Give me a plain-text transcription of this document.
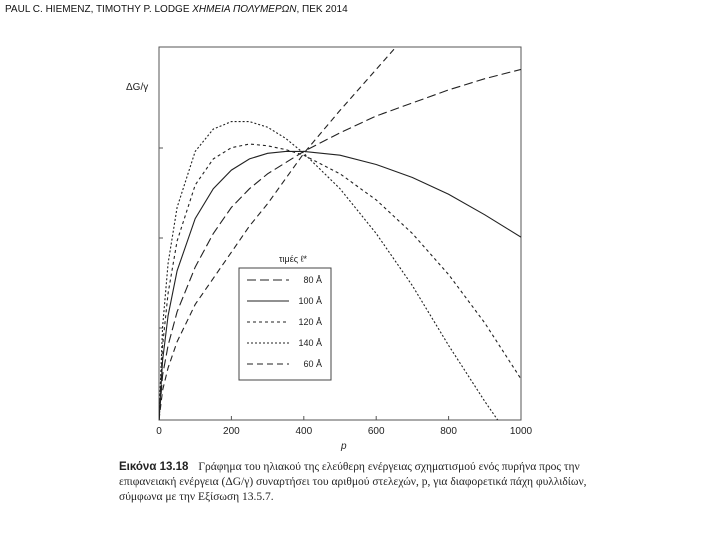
PAUL C. HIEMENZ, TIMOTHY P. LODGE ΧΗΜΕΙΑ ΠΟΛΥΜΕΡΩΝ, ΠΕΚ 2014
ΔG/γ
p
0	200	400	600	800	1000
τιμές ℓ*
80 Å
100 Å
120 Å
140 Å
60 Å
Εικόνα 13.18 Γράφημα του ηλιακού της ελεύθερη ενέργειας σχηματισμού ενός πυρήνα προς την επιφανειακή ενέργεια (ΔG/γ) συναρτήσει του αριθμού στελεχών, p, για διαφορετικά πάχη φυλλιδίων, σύμφωνα με την Εξίσωση 13.5.7.
